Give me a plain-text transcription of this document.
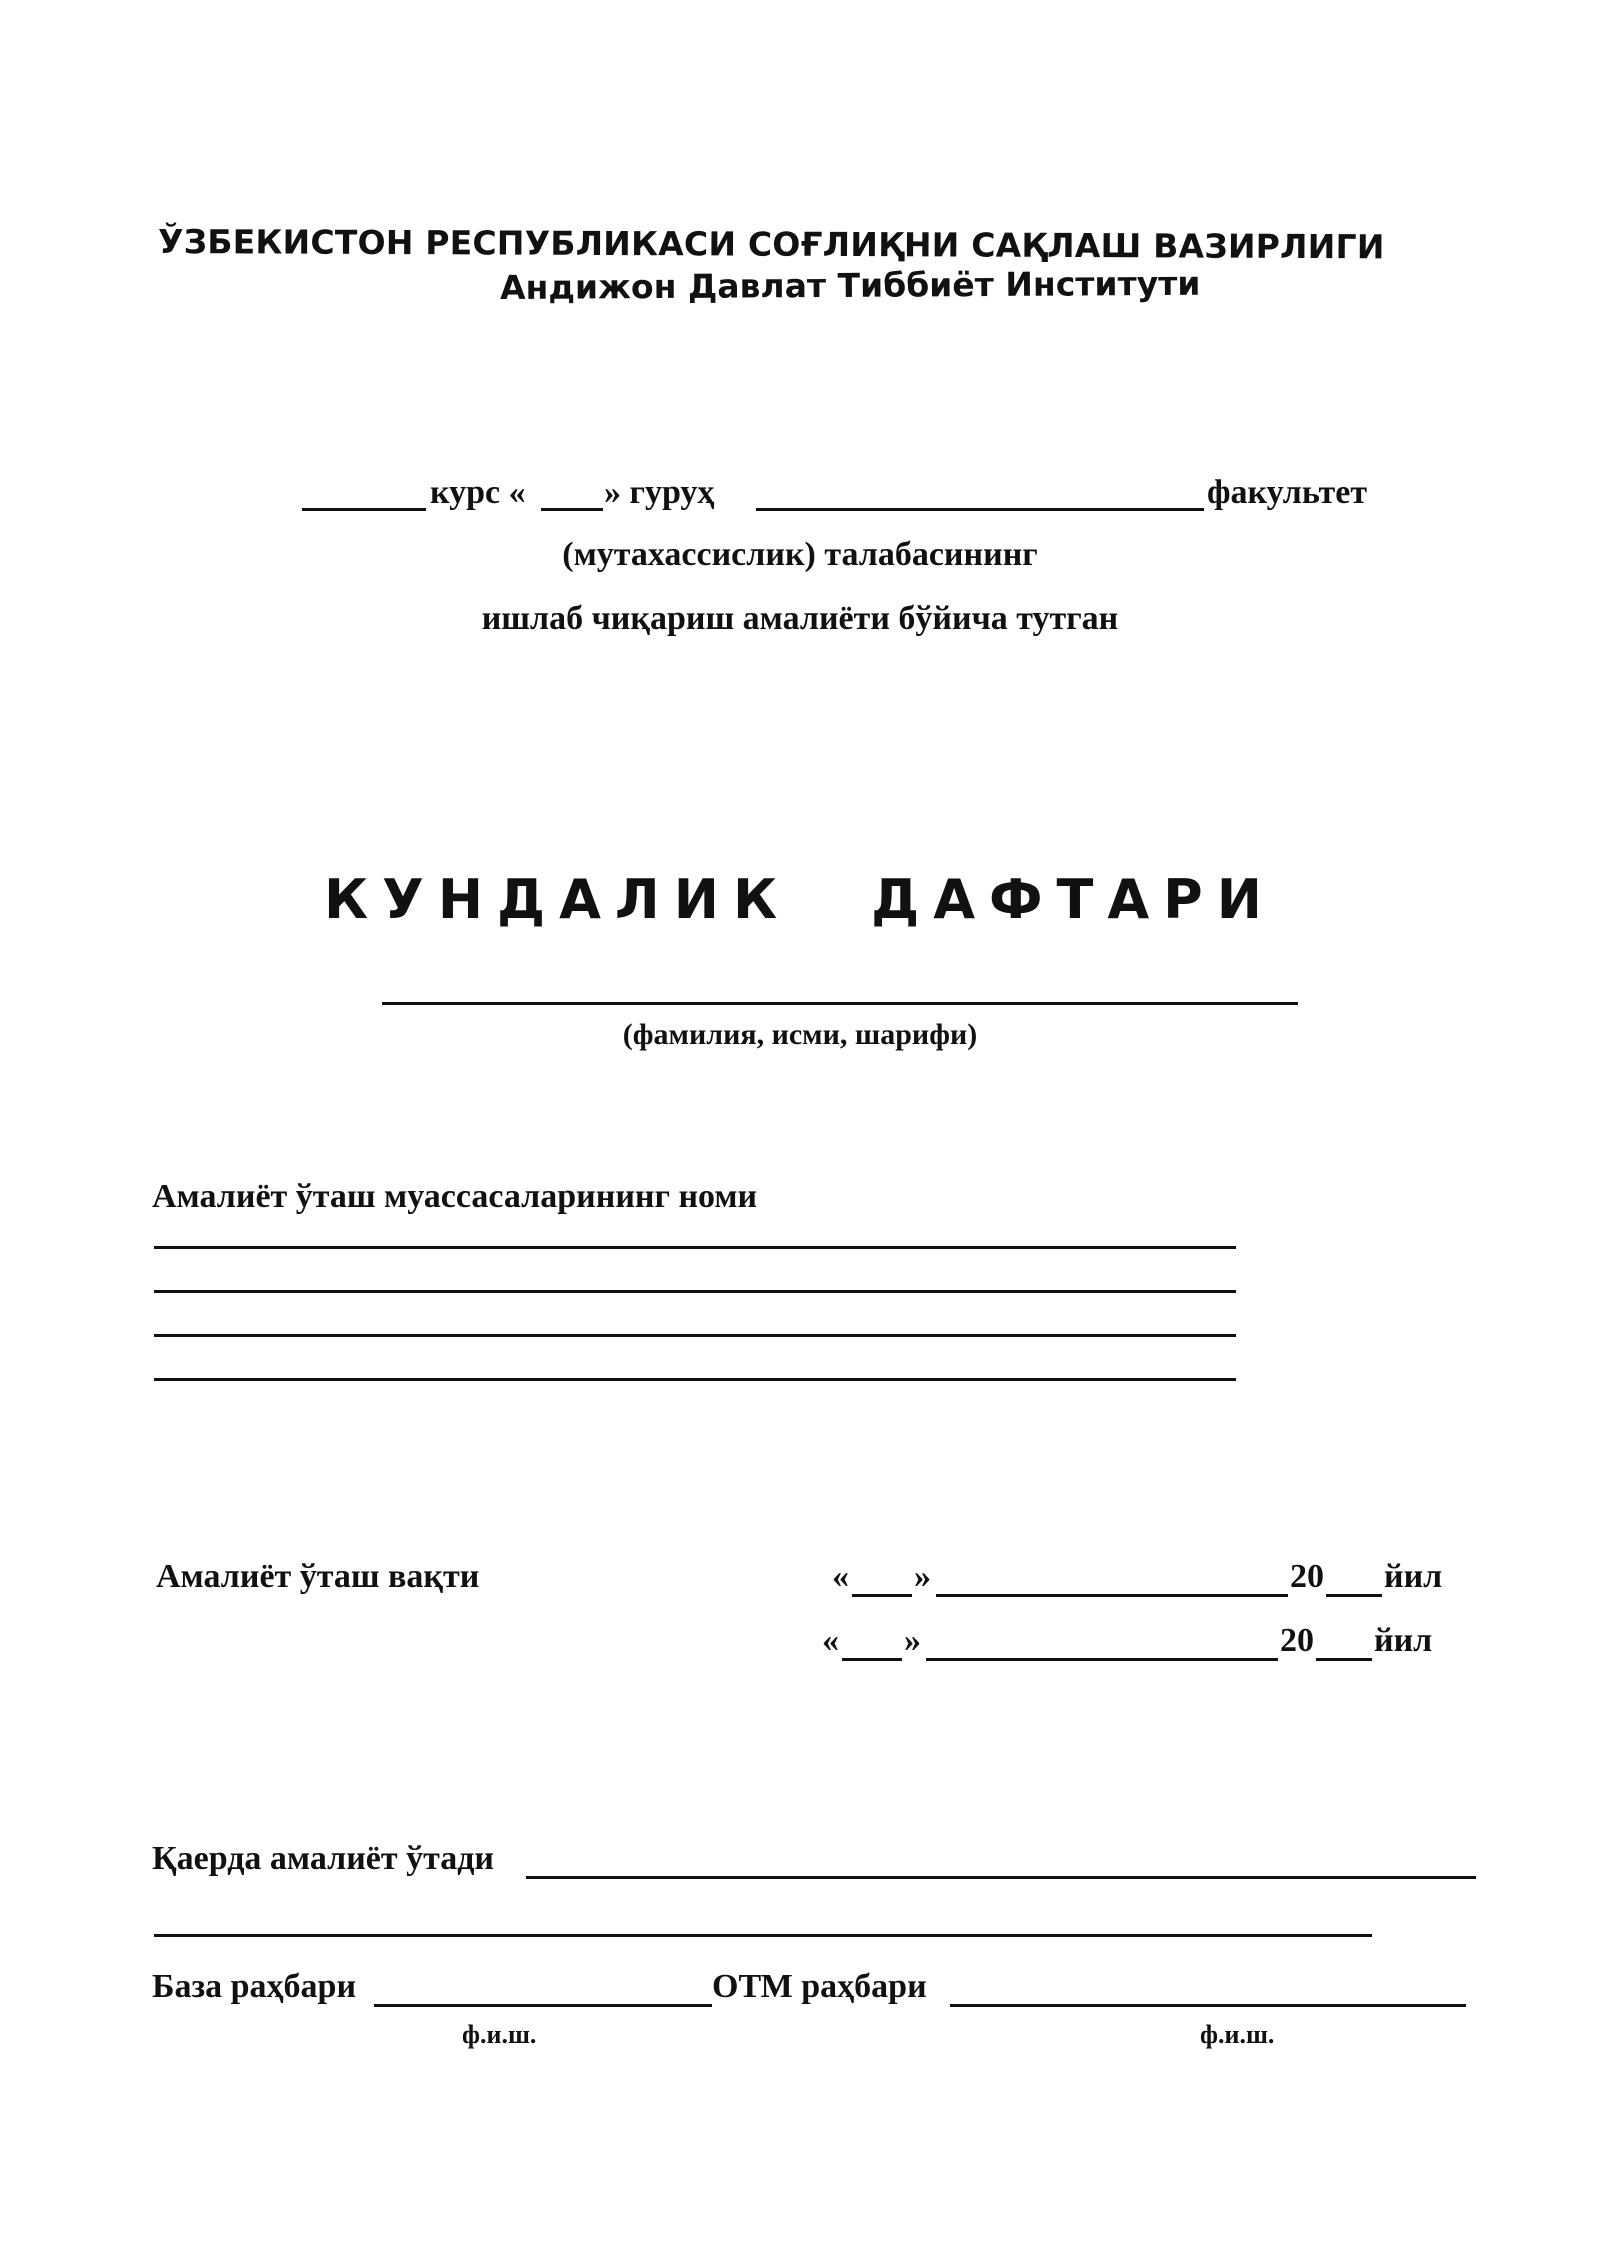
ЎЗБЕКИСТОН РЕСПУБЛИКАСИ СОҒЛИҚНИ САҚЛАШ ВАЗИРЛИГИ
Андижон Давлат Тиббиёт Институти
курс « » гуруҳ	факультет
(мутахассислик) талабасининг
ишлаб чиқариш амалиёти бўйича тутган
КУНДАЛИК ДАФТАРИ
(фамилия, исми, шарифи)
Амалиёт ўташ муассасаларининг номи
Амалиёт ўташ вақти	« »	20 йил
« »	20 йил
Қаерда амалиёт ўтади
База раҳбари	ОТМ раҳбари
ф.и.ш.	ф.и.ш.
